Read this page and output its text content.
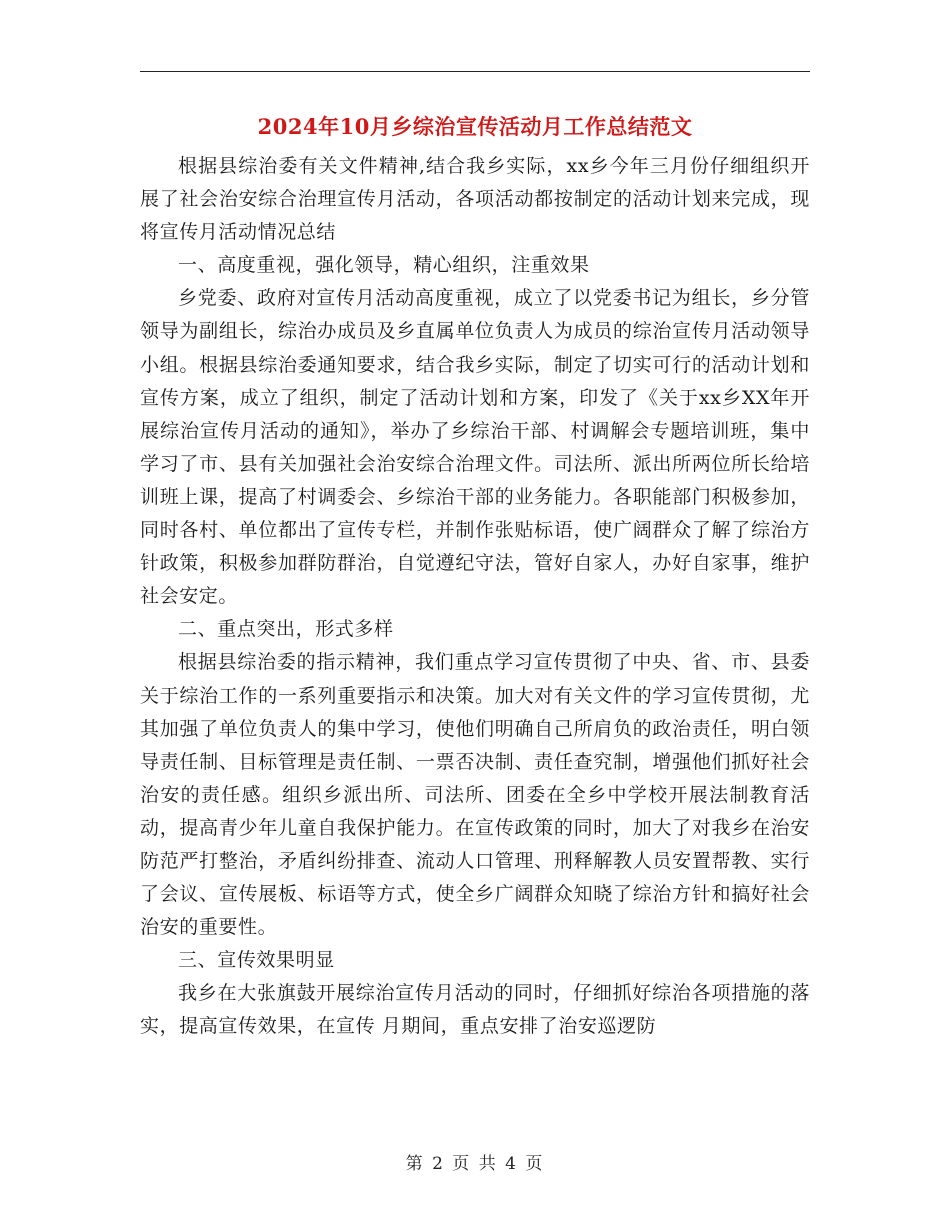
2024年10月乡综治宣传活动月工作总结范文

根据县综治委有关文件精神,结合我乡实际，xx乡今年三月份仔细组织开展了社会治安综合治理宣传月活动，各项活动都按制定的活动计划来完成，现将宣传月活动情况总结

一、高度重视，强化领导，精心组织，注重效果

乡党委、政府对宣传月活动高度重视，成立了以党委书记为组长，乡分管领导为副组长，综治办成员及乡直属单位负责人为成员的综治宣传月活动领导小组。根据县综治委通知要求，结合我乡实际，制定了切实可行的活动计划和宣传方案，成立了组织，制定了活动计划和方案，印发了《关于xx乡XX年开展综治宣传月活动的通知》，举办了乡综治干部、村调解会专题培训班，集中学习了市、县有关加强社会治安综合治理文件。司法所、派出所两位所长给培训班上课，提高了村调委会、乡综治干部的业务能力。各职能部门积极参加，同时各村、单位都出了宣传专栏，并制作张贴标语，使广阔群众了解了综治方针政策，积极参加群防群治，自觉遵纪守法，管好自家人，办好自家事，维护社会安定。

二、重点突出，形式多样

根据县综治委的指示精神，我们重点学习宣传贯彻了中央、省、市、县委关于综治工作的一系列重要指示和决策。加大对有关文件的学习宣传贯彻，尤其加强了单位负责人的集中学习，使他们明确自己所肩负的政治责任，明白领导责任制、目标管理是责任制、一票否决制、责任查究制，增强他们抓好社会治安的责任感。组织乡派出所、司法所、团委在全乡中学校开展法制教育活动，提高青少年儿童自我保护能力。在宣传政策的同时，加大了对我乡在治安防范严打整治，矛盾纠纷排查、流动人口管理、刑释解教人员安置帮教、实行了会议、宣传展板、标语等方式，使全乡广阔群众知晓了综治方针和搞好社会治安的重要性。

三、宣传效果明显

我乡在大张旗鼓开展综治宣传月活动的同时，仔细抓好综治各项措施的落实，提高宣传效果，在宣传 月期间，重点安排了治安巡逻防

第 2 页 共 4 页
